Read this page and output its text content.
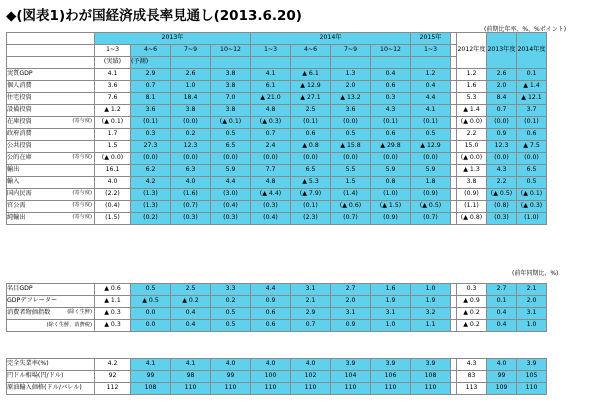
◆(図表1)わが国経済成長率見通し(2013.6.20)
(前期比年率、%、%ポイント)
(前年同期比、%)
	2013年				2014年				2015年		2012年度	2013年度	2014年度
	1~3	4~6	7~9	10~12	1~3	4~6	7~9	10~12	1~3				
	(実績)	(予測)											
実質GDP	4.1	2.9	2.6	3.8	4.1	▲ 6.1	1.3	0.4	1.2		1.2	2.6	0.1
個人消費	3.6	0.7	1.0	3.8	6.1	▲ 12.9	2.0	0.6	0.4		1.6	2.0	▲ 1.4
住宅投資	7.6	8.1	18.4	7.0	▲ 21.0	▲ 27.1	▲ 13.2	0.3	4.4		5.3	8.4	▲ 12.1
設備投資	▲ 1.2	3.6	3.8	3.8	4.8	2.5	3.6	4.3	4.1		▲ 1.4	0.7	3.7
在庫投資 (寄与度)	(▲ 0.1)	(0.1)	(0.0)	(▲ 0.1)	(▲ 0.3)	(0.1)	(0.0)	(0.1)	(0.1)		(▲ 0.0)	(0.0)	(0.1)
政府消費	1.7	0.3	0.2	0.5	0.7	0.6	0.5	0.6	0.5		2.2	0.9	0.6
公共投資	1.5	27.3	12.3	6.5	2.4	▲ 0.8	▲ 15.8	▲ 29.8	▲ 12.9		15.0	12.3	▲ 7.5
公的在庫 (寄与度)	(▲ 0.0)	(0.0)	(0.0)	(0.0)	(0.0)	(0.0)	(0.0)	(0.0)	(0.0)		(▲ 0.0)	(0.0)	(0.0)
輸出	16.1	6.2	6.3	5.9	7.7	6.5	5.5	5.9	5.9		▲ 1.3	4.3	6.5
輸入	4.0	4.2	4.0	4.4	4.8	▲ 5.3	1.5	0.8	1.8		3.8	2.2	0.5
国内民需 (寄与度)	(2.2)	(1.3)	(1.6)	(3.0)	(▲ 4.4)	(▲ 7.9)	(1.4)	(1.0)	(0.9)		(0.9)	(▲ 0.5)	(▲ 0.1)
官公需 (寄与度)	(0.4)	(1.3)	(0.7)	(0.4)	(0.3)	(0.1)	(▲ 0.6)	(▲ 1.5)	(▲ 0.5)		(1.1)	(0.8)	(▲ 0.3)
純輸出 (寄与度)	(1.5)	(0.2)	(0.3)	(0.3)	(0.4)	(2.3)	(0.7)	(0.9)	(0.7)		(▲ 0.8)	(0.3)	(1.0)
名目GDP	▲ 0.6	0.5	2.5	3.3	4.4	3.1	2.7	1.6	1.0		0.3	2.7	2.1
GDPデフレーター	▲ 1.1	▲ 0.5	▲ 0.2	0.2	0.9	2.1	2.0	1.9	1.9		▲ 0.9	0.1	2.0
消費者物価指数 (除く生鮮)	▲ 0.3	0.0	0.4	0.5	0.6	2.9	3.1	3.1	3.2		▲ 0.2	0.4	3.1

(除く生鮮、消費税)	▲ 0.3	0.0	0.4	0.5	0.6	0.7	0.9	1.0	1.1		▲ 0.2	0.4	1.0
完全失業率(%)	4.2	4.1	4.1	4.0	4.0	4.0	3.9	3.9	3.9		4.3	4.0	3.9
円ドル相場(円/ドル)	92	99	98	99	100	102	104	106	108		83	99	105
原油輸入価格(ドル/バレル)	112	108	110	110	110	110	110	110	110		113	109	110
